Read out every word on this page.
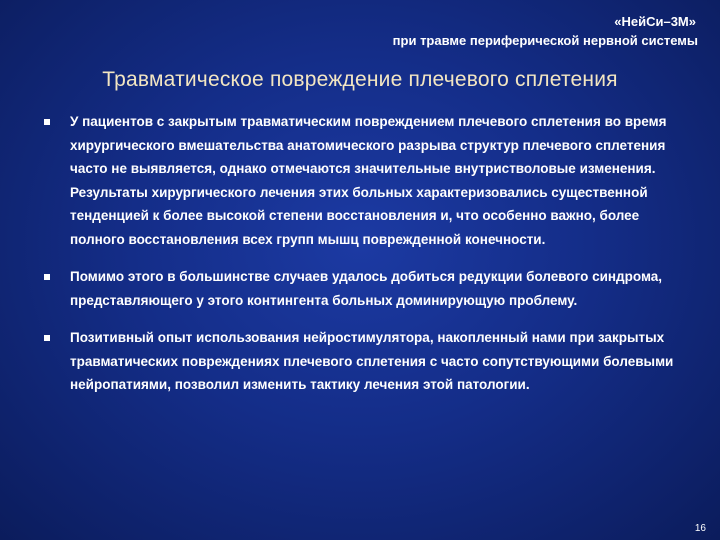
«НейСи–3М»
при травме периферической нервной системы
Травматическое повреждение плечевого сплетения
У пациентов с закрытым травматическим повреждением плечевого сплетения во время хирургического вмешательства анатомического разрыва структур плечевого сплетения часто не выявляется, однако отмечаются значительные внутристволовые изменения. Результаты хирургического лечения этих больных характеризовались существенной тенденцией к более высокой степени восстановления и, что особенно важно, более полного восстановления всех групп мышц поврежденной конечности.
Помимо этого в большинстве случаев удалось добиться редукции болевого синдрома, представляющего у этого контингента больных доминирующую проблему.
Позитивный опыт использования нейростимулятора, накопленный нами при закрытых травматических повреждениях плечевого сплетения с часто сопутствующими болевыми нейропатиями, позволил изменить тактику лечения этой патологии.
16
